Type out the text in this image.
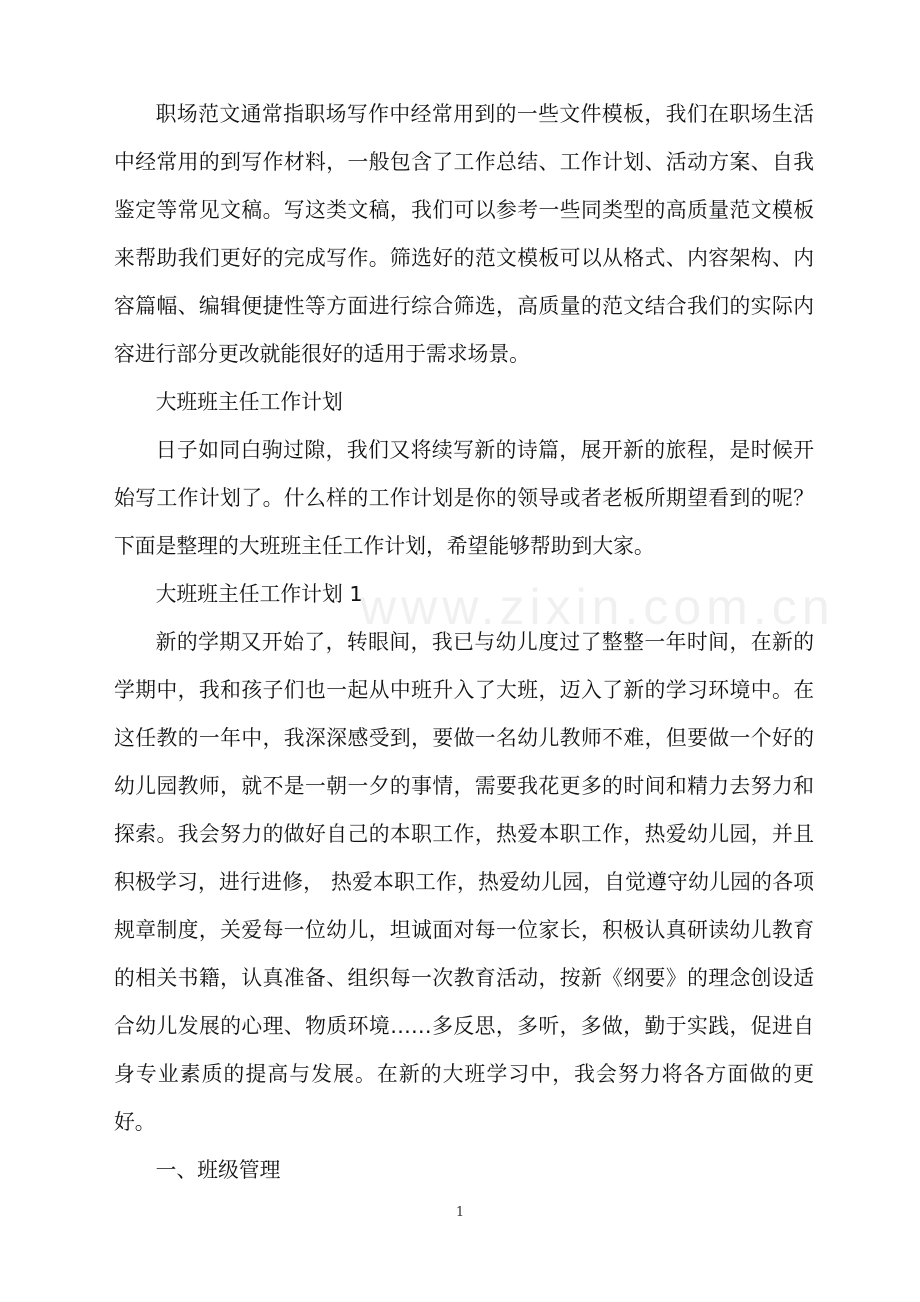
www.zixin.com.cn

职场范文通常指职场写作中经常用到的一些文件模板，我们在职场生活中经常用的到写作材料，一般包含了工作总结、工作计划、活动方案、自我鉴定等常见文稿。写这类文稿，我们可以参考一些同类型的高质量范文模板来帮助我们更好的完成写作。筛选好的范文模板可以从格式、内容架构、内容篇幅、编辑便捷性等方面进行综合筛选，高质量的范文结合我们的实际内容进行部分更改就能很好的适用于需求场景。

大班班主任工作计划

日子如同白驹过隙，我们又将续写新的诗篇，展开新的旅程，是时候开始写工作计划了。什么样的工作计划是你的领导或者老板所期望看到的呢？下面是整理的大班班主任工作计划，希望能够帮助到大家。

大班班主任工作计划 1

新的学期又开始了，转眼间，我已与幼儿度过了整整一年时间，在新的学期中，我和孩子们也一起从中班升入了大班，迈入了新的学习环境中。在这任教的一年中，我深深感受到，要做一名幼儿教师不难，但要做一个好的幼儿园教师，就不是一朝一夕的事情，需要我花更多的时间和精力去努力和探索。我会努力的做好自己的本职工作，热爱本职工作，热爱幼儿园，并且积极学习，进行进修， 热爱本职工作，热爱幼儿园，自觉遵守幼儿园的各项规章制度，关爱每一位幼儿，坦诚面对每一位家长，积极认真研读幼儿教育的相关书籍，认真准备、组织每一次教育活动，按新《纲要》的理念创设适合幼儿发展的心理、物质环境……多反思，多听，多做，勤于实践，促进自身专业素质的提高与发展。在新的大班学习中，我会努力将各方面做的更好。

一、班级管理

1
